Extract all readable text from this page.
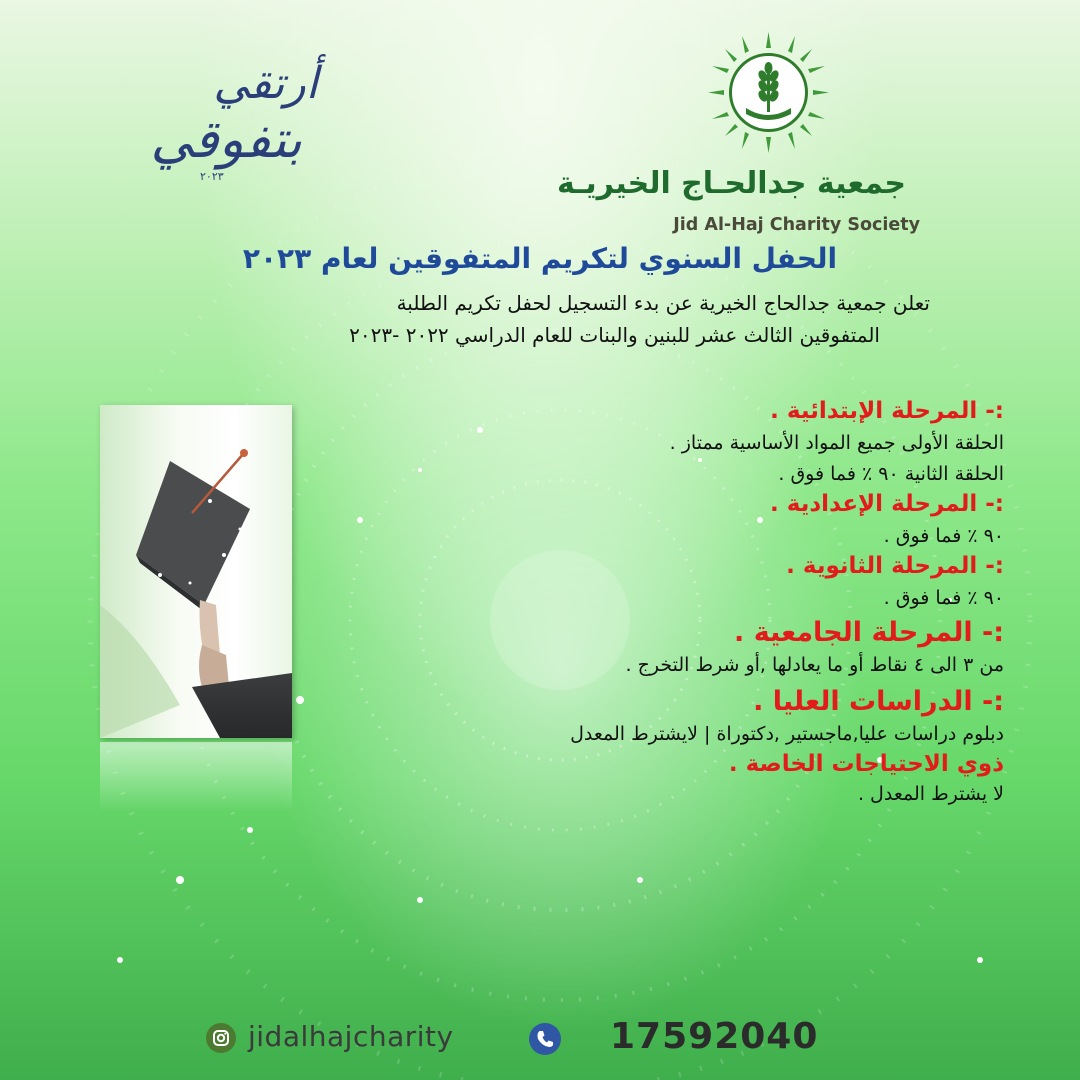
جمعية جدالحـاج الخيريـة

Jid Al-Haj Charity Society

أرتقي
بتفوقي
٢٠٢٣
الحفل السنوي لتكريم المتفوقين لعام ٢٠٢٣

تعلن جمعية جدالحاج الخيرية عن بدء التسجيل لحفل تكريم الطلبة

المتفوقين الثالث عشر للبنين والبنات للعام الدراسي ٢٠٢٢ -٢٠٢٣

:- المرحلة الإبتدائية .

الحلقة الأولى جميع المواد الأساسية ممتاز .

الحلقة الثانية ٩٠ ٪ فما فوق .

:- المرحلة الإعدادية .

٩٠ ٪ فما فوق .

:- المرحلة الثانوية .

٩٠ ٪ فما فوق .

:- المرحلة الجامعية .

من ٣ الى ٤ نقاط أو ما يعادلها ,أو شرط التخرج .

:- الدراسات العليا .

دبلوم دراسات عليا,ماجستير ,دكتوراة | لايشترط المعدل

ذوي الاحتياجات الخاصة .

لا يشترط المعدل .

jidalhajcharity	17592040
